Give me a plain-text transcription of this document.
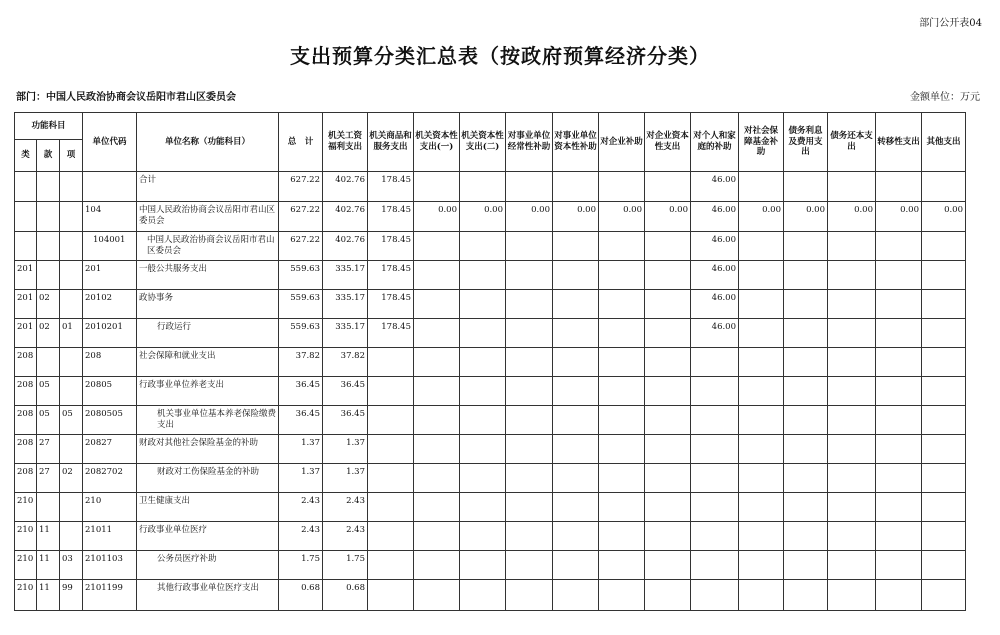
部门公开表04
支出预算分类汇总表（按政府预算经济分类）
部门：中国人民政治协商会议岳阳市君山区委员会	金额单位：万元
功能科目			单位代码	单位名称（功能科目）	总　计	机关工资福利支出	机关商品和服务支出	机关资本性支出(一)	机关资本性支出(二)	对事业单位经常性补助	对事业单位资本性补助	对企业补助	对企业资本性支出	对个人和家庭的补助	对社会保障基金补助	债务利息及费用支出	债务还本支出	转移性支出	其他支出
类	款	项																	
				合计	627.22	402.76	178.45							46.00					
			104	中国人民政治协商会议岳阳市君山区委员会	627.22	402.76	178.45	0.00	0.00	0.00	0.00	0.00	0.00	46.00	0.00	0.00	0.00	0.00	0.00
			104001	中国人民政治协商会议岳阳市君山区委员会	627.22	402.76	178.45							46.00					
201			201	一般公共服务支出	559.63	335.17	178.45							46.00					
201	02		20102	政协事务	559.63	335.17	178.45							46.00					
201	02	01	2010201	行政运行	559.63	335.17	178.45							46.00					
208			208	社会保障和就业支出	37.82	37.82													
208	05		20805	行政事业单位养老支出	36.45	36.45													
208	05	05	2080505	机关事业单位基本养老保险缴费支出	36.45	36.45													
208	27		20827	财政对其他社会保险基金的补助	1.37	1.37													
208	27	02	2082702	财政对工伤保险基金的补助	1.37	1.37													
210			210	卫生健康支出	2.43	2.43													
210	11		21011	行政事业单位医疗	2.43	2.43													
210	11	03	2101103	公务员医疗补助	1.75	1.75													
210	11	99	2101199	其他行政事业单位医疗支出	0.68	0.68													
